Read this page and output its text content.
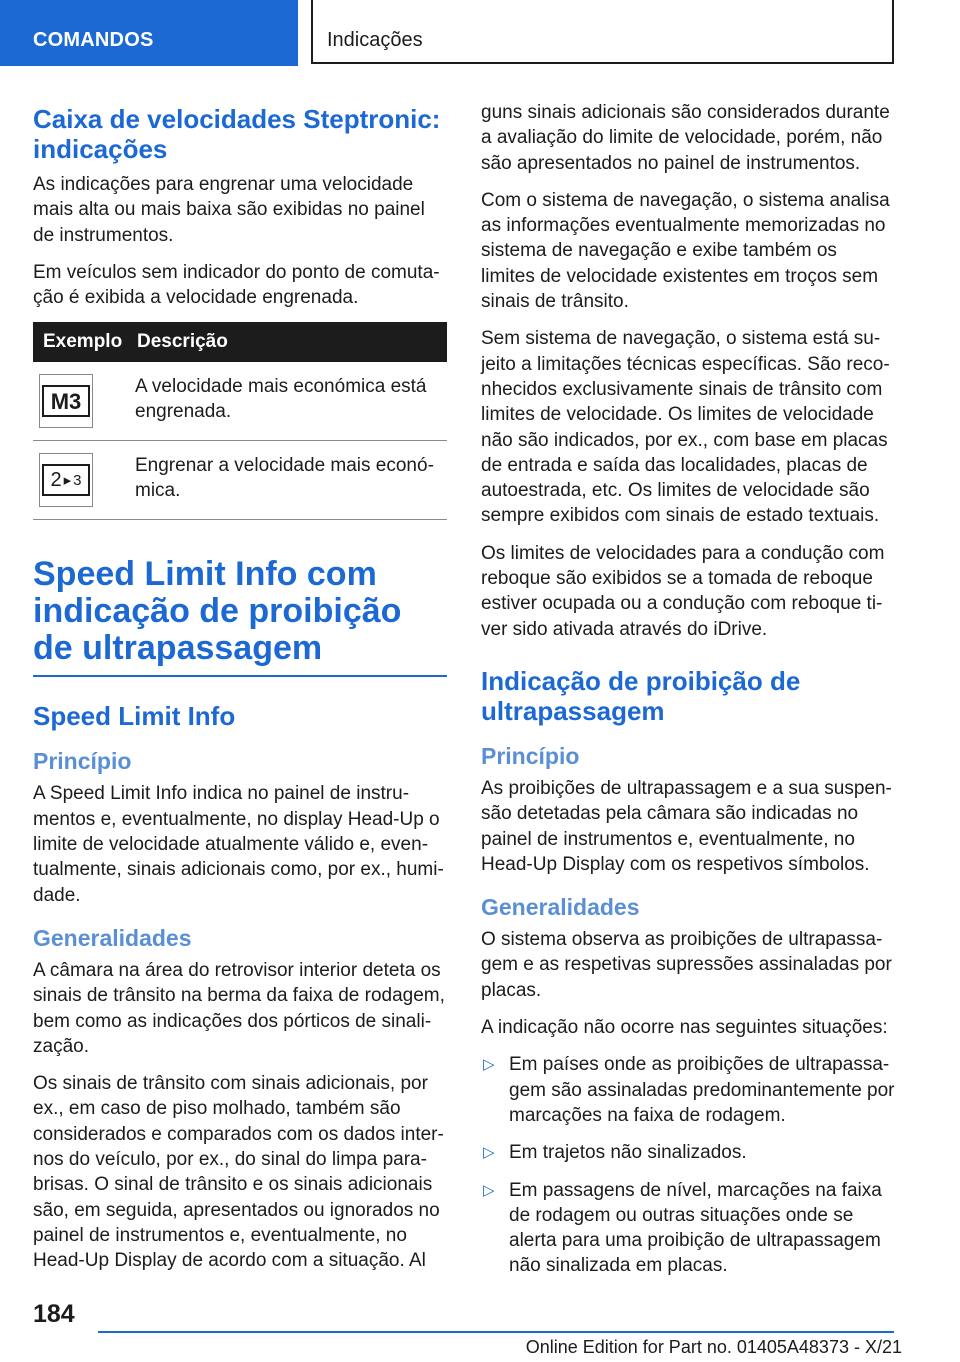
COMANDOS	Indicações
Caixa de velocidades Steptronic: indicações

As indicações para engrenar uma velocidade mais alta ou mais baixa são exibidas no painel de instrumentos.

Em veículos sem indicador do ponto de comutação é exibida a velocidade engrenada.

Exemplo	Descrição

M3	A velocidade mais económica está engrenada.

2 ▸ 3	Engrenar a velocidade mais económica.
Speed Limit Info com indicação de proibição de ultrapassagem
Speed Limit Info
Princípio

A Speed Limit Info indica no painel de instrumentos e, eventualmente, no display Head-Up o limite de velocidade atualmente válido e, eventualmente, sinais adicionais como, por ex., humidade.

Generalidades

A câmara na área do retrovisor interior deteta os sinais de trânsito na berma da faixa de rodagem, bem como as indicações dos pórticos de sinalização.

Os sinais de trânsito com sinais adicionais, por ex., em caso de piso molhado, também são considerados e comparados com os dados internos do veículo, por ex., do sinal do limpa para-brisas. O sinal de trânsito e os sinais adicionais são, em seguida, apresentados ou ignorados no painel de instrumentos e, eventualmente, no Head-Up Display de acordo com a situação. Al

guns sinais adicionais são considerados durante a avaliação do limite de velocidade, porém, não são apresentados no painel de instrumentos.

Com o sistema de navegação, o sistema analisa as informações eventualmente memorizadas no sistema de navegação e exibe também os limites de velocidade existentes em troços sem sinais de trânsito.

Sem sistema de navegação, o sistema está sujeito a limitações técnicas específicas. São reconhecidos exclusivamente sinais de trânsito com limites de velocidade. Os limites de velocidade não são indicados, por ex., com base em placas de entrada e saída das localidades, placas de autoestrada, etc. Os limites de velocidade são sempre exibidos com sinais de estado textuais.

Os limites de velocidades para a condução com reboque são exibidos se a tomada de reboque estiver ocupada ou a condução com reboque tiver sido ativada através do iDrive.

Indicação de proibição de ultrapassagem
Princípio

As proibições de ultrapassagem e a sua suspensão detetadas pela câmara são indicadas no painel de instrumentos e, eventualmente, no Head-Up Display com os respetivos símbolos.

Generalidades

O sistema observa as proibições de ultrapassagem e as respetivas supressões assinaladas por placas.

A indicação não ocorre nas seguintes situações:

▷ Em países onde as proibições de ultrapassagem são assinaladas predominantemente por marcações na faixa de rodagem.
▷ Em trajetos não sinalizados.
▷ Em passagens de nível, marcações na faixa de rodagem ou outras situações onde se alerta para uma proibição de ultrapassagem não sinalizada em placas.
184
Online Edition for Part no. 01405A48373 - X/21
